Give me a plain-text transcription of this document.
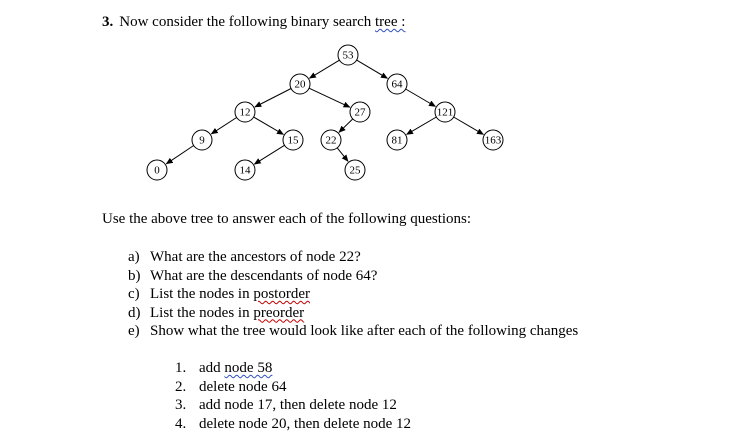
3. Now consider the following binary search tree :
53
20	64
12	27	121
9	15 22	81	163
0	14	25
Use the above tree to answer each of the following questions:
a) What are the ancestors of node 22?
b) What are the descendants of node 64?
c) List the nodes in postorder
d) List the nodes in preorder
e) Show what the tree would look like after each of the following changes
1. add node 58
2. delete node 64
3. add node 17, then delete node 12
4. delete node 20, then delete node 12
